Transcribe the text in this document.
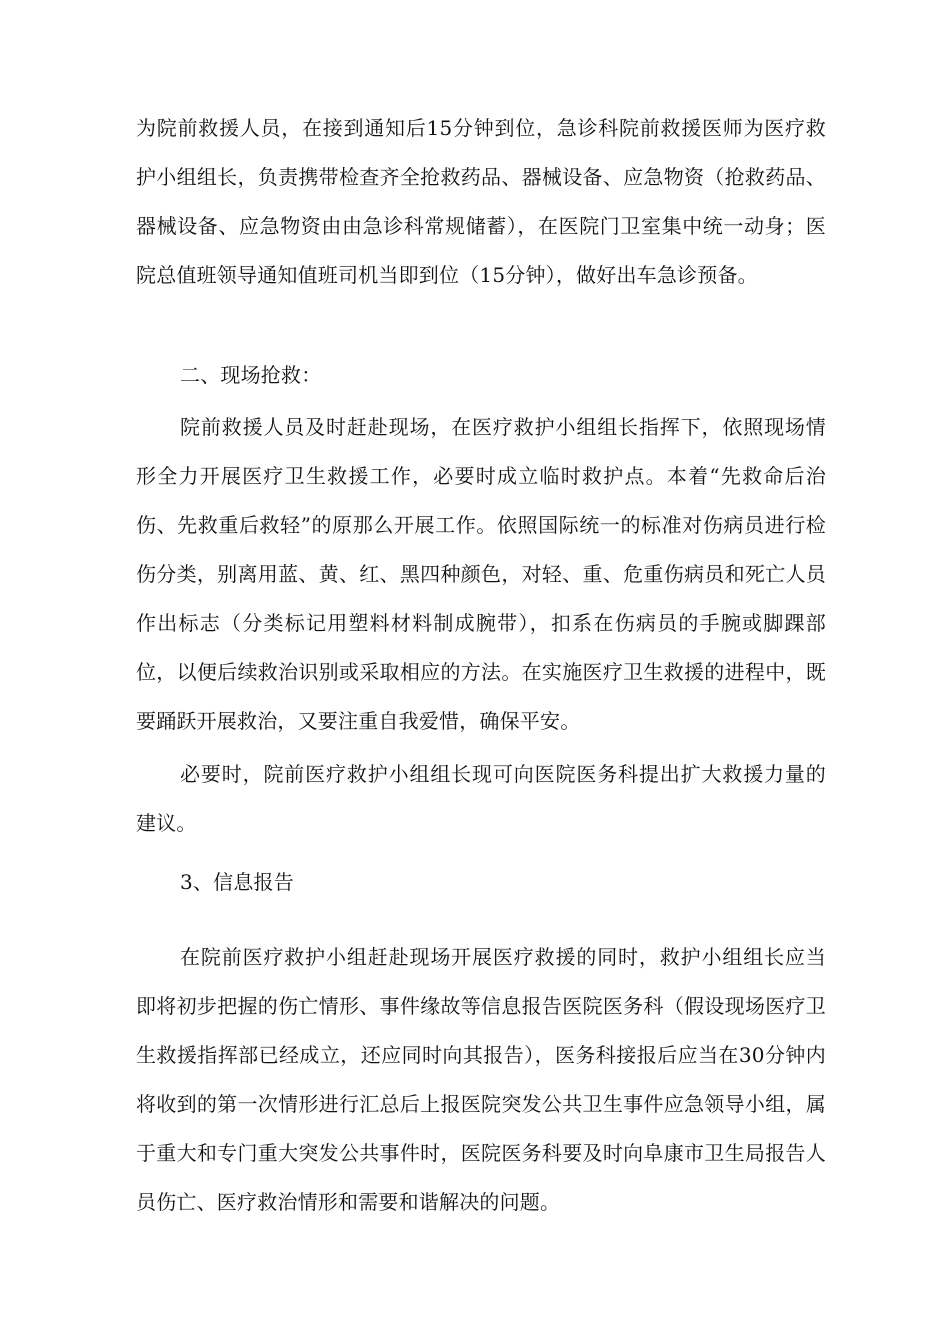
为院前救援人员，在接到通知后15分钟到位，急诊科院前救援医师为医疗救护小组组长，负责携带检查齐全抢救药品、器械设备、应急物资（抢救药品、器械设备、应急物资由由急诊科常规储蓄），在医院门卫室集中统一动身；医院总值班领导通知值班司机当即到位（15分钟），做好出车急诊预备。

二、现场抢救：

院前救援人员及时赶赴现场，在医疗救护小组组长指挥下，依照现场情形全力开展医疗卫生救援工作，必要时成立临时救护点。本着“先救命后治伤、先救重后救轻”的原那么开展工作。依照国际统一的标准对伤病员进行检伤分类，别离用蓝、黄、红、黑四种颜色，对轻、重、危重伤病员和死亡人员作出标志（分类标记用塑料材料制成腕带），扣系在伤病员的手腕或脚踝部位，以便后续救治识别或采取相应的方法。在实施医疗卫生救援的进程中，既要踊跃开展救治，又要注重自我爱惜，确保平安。

必要时，院前医疗救护小组组长现可向医院医务科提出扩大救援力量的建议。

3、信息报告

在院前医疗救护小组赶赴现场开展医疗救援的同时，救护小组组长应当即将初步把握的伤亡情形、事件缘故等信息报告医院医务科（假设现场医疗卫生救援指挥部已经成立，还应同时向其报告），医务科接报后应当在30分钟内将收到的第一次情形进行汇总后上报医院突发公共卫生事件应急领导小组，属于重大和专门重大突发公共事件时，医院医务科要及时向阜康市卫生局报告人员伤亡、医疗救治情形和需要和谐解决的问题。
